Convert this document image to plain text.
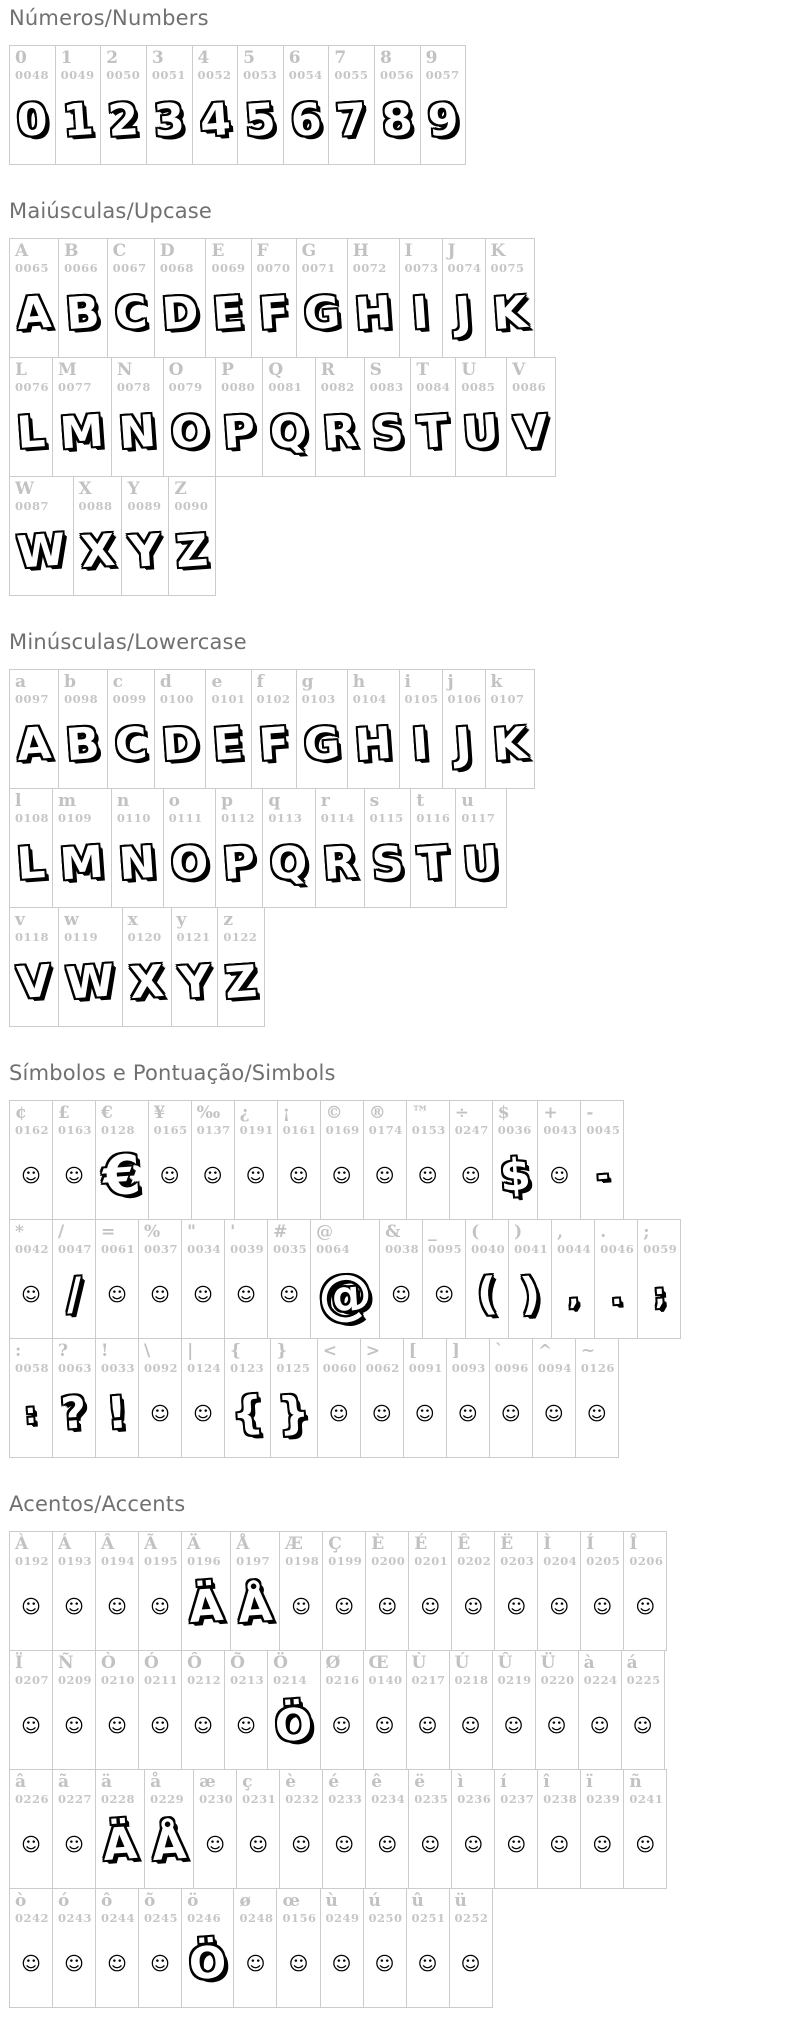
Números/Numbers
0
0048
0
1
0049
1
2
0050
2
3
0051
3
4
0052
4
5
0053
5
6
0054
6
7
0055
7
8
0056
8
9
0057
9
Maiúsculas/Upcase
A
0065
A
B
0066
B
C
0067
C
D
0068
D
E
0069
E
F
0070
F
G
0071
G
H
0072
H
I
0073
I
J
0074
J
K
0075
K
L
0076
L
M
0077
M
N
0078
N
O
0079
O
P
0080
P
Q
0081
Q
R
0082
R
S
0083
S
T
0084
T
U
0085
U
V
0086
V
W
0087
W
X
0088
X
Y
0089
Y
Z
0090
Z
Minúsculas/Lowercase
a
0097
A
b
0098
B
c
0099
C
d
0100
D
e
0101
E
f
0102
F
g
0103
G
h
0104
H
i
0105
I
j
0106
J
k
0107
K
l
0108
L
m
0109
M
n
0110
N
o
0111
O
p
0112
P
q
0113
Q
r
0114
R
s
0115
S
t
0116
T
u
0117
U
v
0118
V
w
0119
W
x
0120
X
y
0121
Y
z
0122
Z
Símbolos e Pontuação/Simbols
¢
0162
☺
£
0163
☺
€
0128
€
¥
0165
☺
‰
0137
☺
¿
0191
☺
¡
0161
☺
©
0169
☺
®
0174
☺
™
0153
☺
÷
0247
☺
$
0036
$
+
0043
☺
-
0045
-
*
0042
☺
/
0047
/
=
0061
☺
%
0037
☺
"
0034
☺
'
0039
☺
#
0035
☺
@
0064
@
&
0038
☺
_
0095
☺
(
0040
(
)
0041
)
,
0044
,
.
0046
.
;
0059
;
:
0058
:
?
0063
?
!
0033
!
\
0092
☺
|
0124
☺
{
0123
{
}
0125
}
<
0060
☺
>
0062
☺
[
0091
☺
]
0093
☺
`
0096
☺
^
0094
☺
~
0126
☺
Acentos/Accents
À
0192
☺
Á
0193
☺
Â
0194
☺
Ã
0195
☺
Ä
0196
Ä
Å
0197
Å
Æ
0198
☺
Ç
0199
☺
È
0200
☺
É
0201
☺
Ê
0202
☺
Ë
0203
☺
Ì
0204
☺
Í
0205
☺
Î
0206
☺
Ï
0207
☺
Ñ
0209
☺
Ò
0210
☺
Ó
0211
☺
Ô
0212
☺
Õ
0213
☺
Ö
0214
Ö
Ø
0216
☺
Œ
0140
☺
Ù
0217
☺
Ú
0218
☺
Û
0219
☺
Ü
0220
☺
à
0224
☺
á
0225
☺
â
0226
☺
ã
0227
☺
ä
0228
Ä
å
0229
Å
æ
0230
☺
ç
0231
☺
è
0232
☺
é
0233
☺
ê
0234
☺
ë
0235
☺
ì
0236
☺
í
0237
☺
î
0238
☺
ï
0239
☺
ñ
0241
☺
ò
0242
☺
ó
0243
☺
ô
0244
☺
õ
0245
☺
ö
0246
Ö
ø
0248
☺
œ
0156
☺
ù
0249
☺
ú
0250
☺
û
0251
☺
ü
0252
☺
